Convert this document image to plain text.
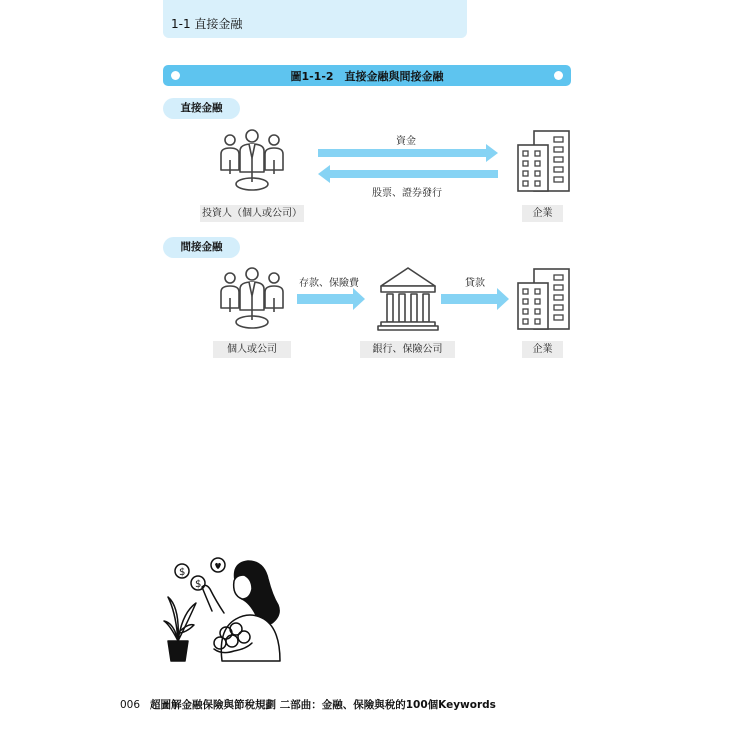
1-1 直接金融
圖1-1-2　直接金融與間接金融
直接金融
資金
股票、證券發行
投資人（個人或公司）	企業
間接金融
存款、保險費	貸款
個人或公司	銀行、保險公司	企業
$
$
006 超圖解金融保險與節稅規劃 二部曲：金融、保險與稅的100個Keywords
